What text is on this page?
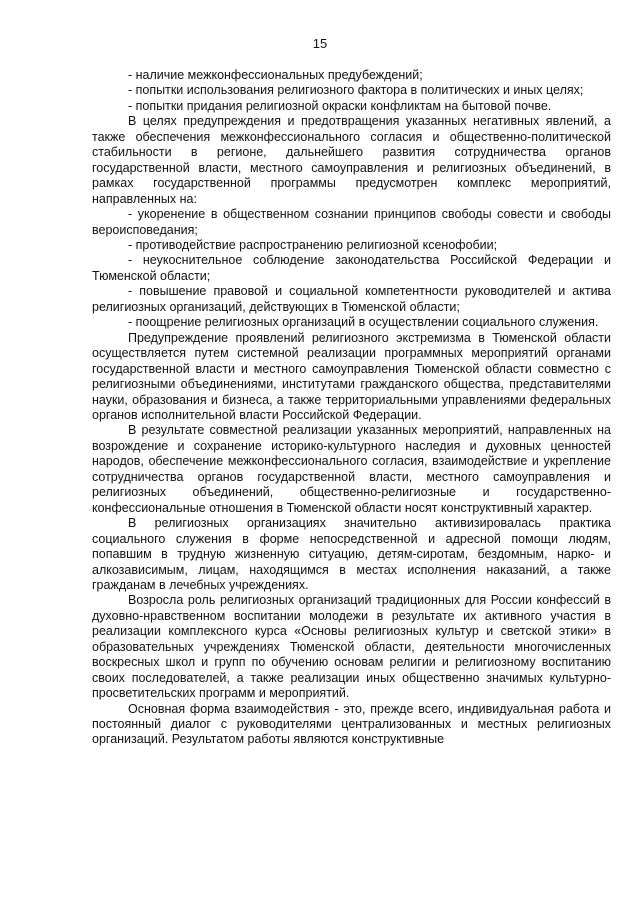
15

- наличие межконфессиональных предубеждений;

- попытки использования религиозного фактора в политических и иных целях;

- попытки придания религиозной окраски конфликтам на бытовой почве.

В целях предупреждения и предотвращения указанных негативных явлений, а также обеспечения межконфессионального согласия и общественно-политической стабильности в регионе, дальнейшего развития сотрудничества органов государственной власти, местного самоуправления и религиозных объединений, в рамках государственной программы предусмотрен комплекс мероприятий, направленных на:

- укоренение в общественном сознании принципов свободы совести и свободы вероисповедания;

- противодействие распространению религиозной ксенофобии;

- неукоснительное соблюдение законодательства Российской Федерации и Тюменской области;

- повышение правовой и социальной компетентности руководителей и актива религиозных организаций, действующих в Тюменской области;

- поощрение религиозных организаций в осуществлении социального служения.

Предупреждение проявлений религиозного экстремизма в Тюменской области осуществляется путем системной реализации программных мероприятий органами государственной власти и местного самоуправления Тюменской области совместно с религиозными объединениями, институтами гражданского общества, представителями науки, образования и бизнеса, а также территориальными управлениями федеральных органов исполнительной власти Российской Федерации.

В результате совместной реализации указанных мероприятий, направленных на возрождение и сохранение историко-культурного наследия и духовных ценностей народов, обеспечение межконфессионального согласия, взаимодействие и укрепление сотрудничества органов государственной власти, местного самоуправления и религиозных объединений, общественно-религиозные и государственно-конфессиональные отношения в Тюменской области носят конструктивный характер.

В религиозных организациях значительно активизировалась практика социального служения в форме непосредственной и адресной помощи людям, попавшим в трудную жизненную ситуацию, детям-сиротам, бездомным, нарко- и алкозависимым, лицам, находящимся в местах исполнения наказаний, а также гражданам в лечебных учреждениях.

Возросла роль религиозных организаций традиционных для России конфессий в духовно-нравственном воспитании молодежи в результате их активного участия в реализации комплексного курса «Основы религиозных культур и светской этики» в образовательных учреждениях Тюменской области, деятельности многочисленных воскресных школ и групп по обучению основам религии и религиозному воспитанию своих последователей, а также реализации иных общественно значимых культурно-просветительских программ и мероприятий.

Основная форма взаимодействия - это, прежде всего, индивидуальная работа и постоянный диалог с руководителями централизованных и местных религиозных организаций. Результатом работы являются конструктивные
